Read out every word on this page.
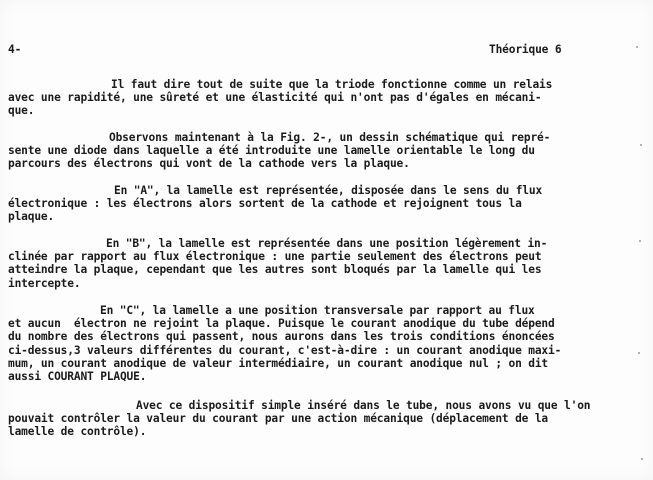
4-	Théorique 6
Il faut dire tout de suite que la triode fonctionne comme un relais
avec une rapidité, une sûreté et une élasticité qui n'ont pas d'égales en mécani-
que.
Observons maintenant à la Fig. 2-, un dessin schématique qui repré-
sente une diode dans laquelle a été introduite une lamelle orientable le long du
parcours des électrons qui vont de la cathode vers la plaque.
En "A", la lamelle est représentée, disposée dans le sens du flux
électronique : les électrons alors sortent de la cathode et rejoignent tous la
plaque.
En "B", la lamelle est représentée dans une position légèrement in-
clinée par rapport au flux électronique : une partie seulement des électrons peut
atteindre la plaque, cependant que les autres sont bloqués par la lamelle qui les
intercepte.
En "C", la lamelle a une position transversale par rapport au flux
et aucun  électron ne rejoint la plaque. Puisque le courant anodique du tube dépend
du nombre des électrons qui passent, nous aurons dans les trois conditions énoncées
ci-dessus,3 valeurs différentes du courant, c'est-à-dire : un courant anodique maxi-
mum, un courant anodique de valeur intermédiaire, un courant anodique nul ; on dit
aussi COURANT PLAQUE.
Avec ce dispositif simple inséré dans le tube, nous avons vu que l'on
pouvait contrôler la valeur du courant par une action mécanique (déplacement de la
lamelle de contrôle).
